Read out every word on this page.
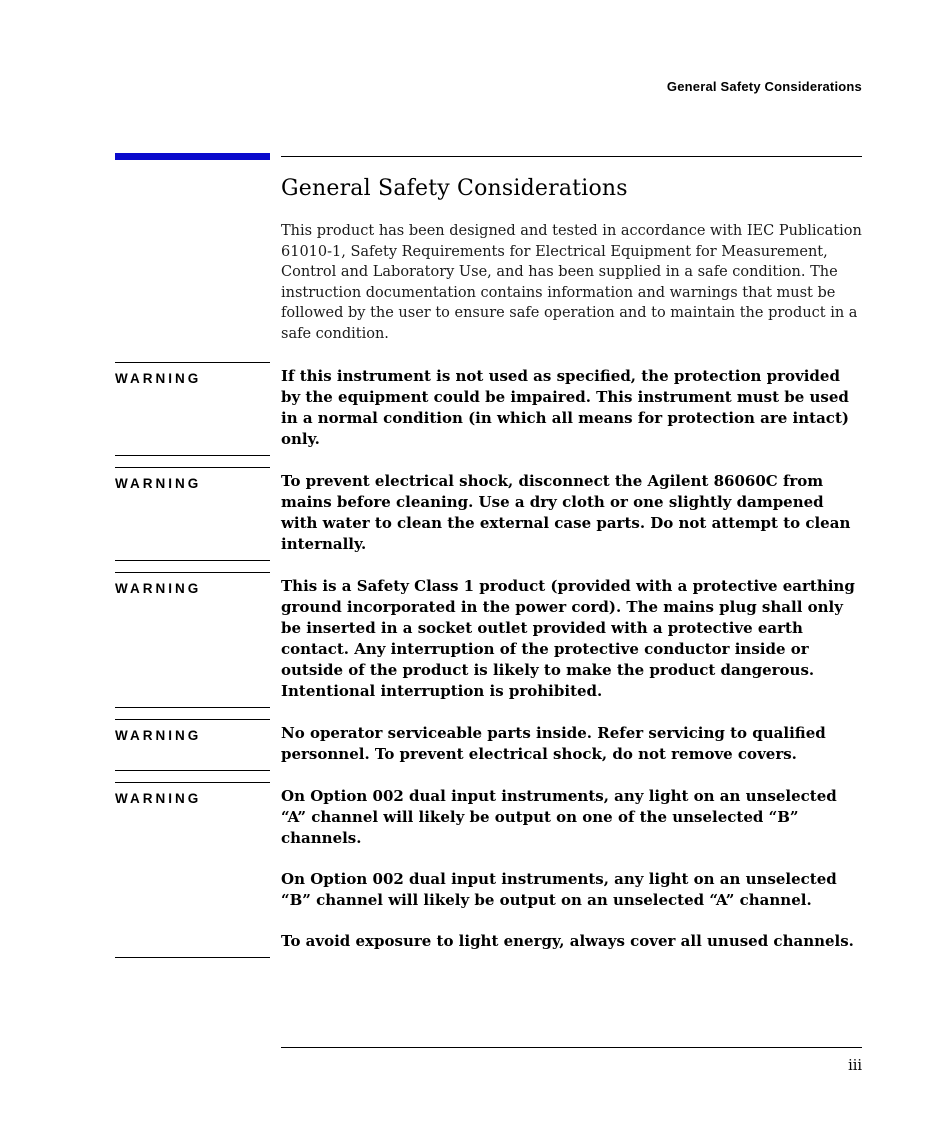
General Safety Considerations
General Safety Considerations

This product has been designed and tested in accordance with IEC Publication 61010-1, Safety Requirements for Electrical Equipment for Measurement, Control and Laboratory Use, and has been supplied in a safe condition. The instruction documentation contains information and warnings that must be followed by the user to ensure safe operation and to maintain the product in a safe condition.

WARNING	If this instrument is not used as specified, the protection provided by the equipment could be impaired. This instrument must be used in a normal condition (in which all means for protection are intact) only.

WARNING	To prevent electrical shock, disconnect the Agilent 86060C from mains before cleaning. Use a dry cloth or one slightly dampened with water to clean the external case parts. Do not attempt to clean internally.

WARNING	This is a Safety Class 1 product (provided with a protective earthing ground incorporated in the power cord). The mains plug shall only be inserted in a socket outlet provided with a protective earth contact. Any interruption of the protective conductor inside or outside of the product is likely to make the product dangerous. Intentional interruption is prohibited.

WARNING	No operator serviceable parts inside. Refer servicing to qualified personnel. To prevent electrical shock, do not remove covers.

WARNING	On Option 002 dual input instruments, any light on an unselected “A” channel will likely be output on one of the unselected “B” channels.

On Option 002 dual input instruments, any light on an unselected “B” channel will likely be output on an unselected “A” channel.

To avoid exposure to light energy, always cover all unused channels.

iii
